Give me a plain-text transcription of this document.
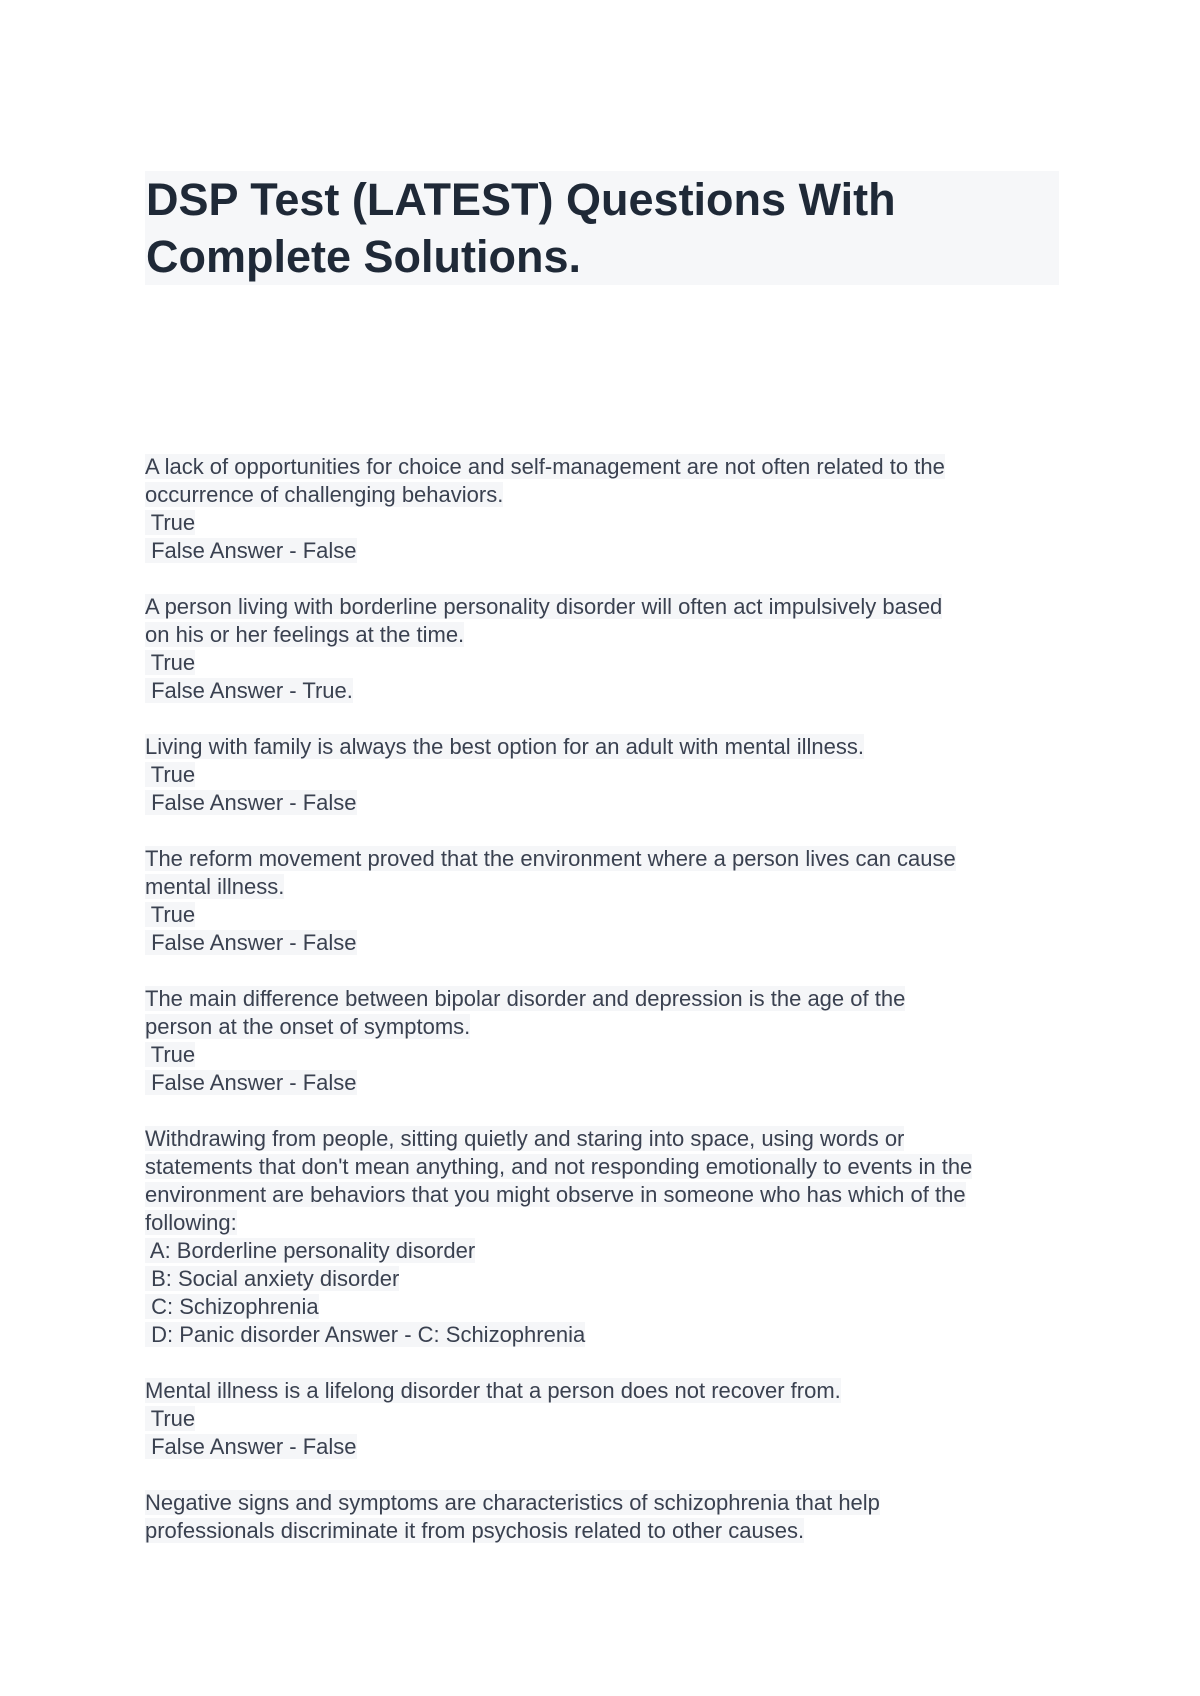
DSP Test (LATEST) Questions With
Complete Solutions.
A lack of opportunities for choice and self-management are not often related to the
occurrence of challenging behaviors.
True
False Answer - False
A person living with borderline personality disorder will often act impulsively based
on his or her feelings at the time.
True
False Answer - True.
Living with family is always the best option for an adult with mental illness.
True
False Answer - False
The reform movement proved that the environment where a person lives can cause
mental illness.
True
False Answer - False
The main difference between bipolar disorder and depression is the age of the
person at the onset of symptoms.
True
False Answer - False
Withdrawing from people, sitting quietly and staring into space, using words or
statements that don't mean anything, and not responding emotionally to events in the
environment are behaviors that you might observe in someone who has which of the
following:
A: Borderline personality disorder
B: Social anxiety disorder
C: Schizophrenia
D: Panic disorder Answer - C: Schizophrenia
Mental illness is a lifelong disorder that a person does not recover from.
True
False Answer - False
Negative signs and symptoms are characteristics of schizophrenia that help
professionals discriminate it from psychosis related to other causes.
